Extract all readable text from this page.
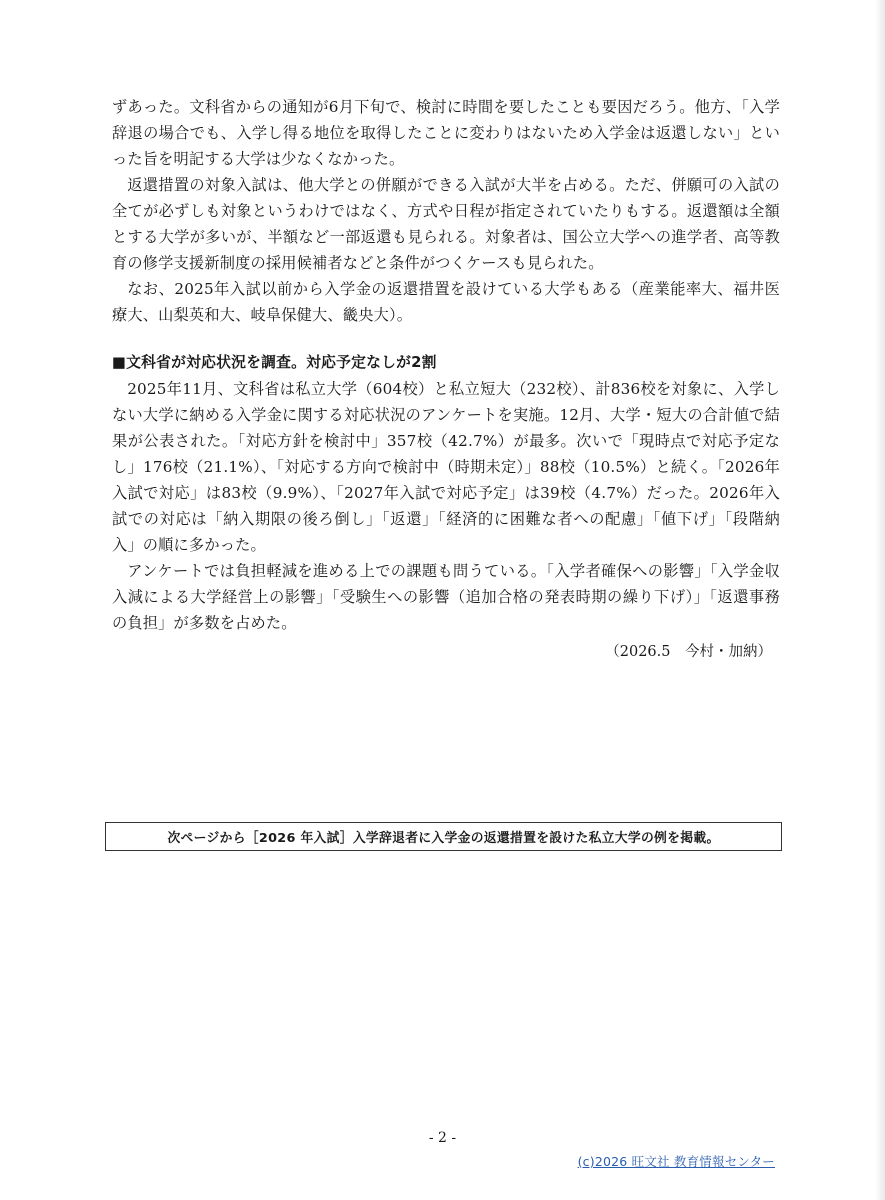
ずあった。文科省からの通知が6月下旬で、検討に時間を要したことも要因だろう。他方、「入学辞退の場合でも、入学し得る地位を取得したことに変わりはないため入学金は返還しない」といった旨を明記する大学は少なくなかった。

返還措置の対象入試は、他大学との併願ができる入試が大半を占める。ただ、併願可の入試の全てが必ずしも対象というわけではなく、方式や日程が指定されていたりもする。返還額は全額とする大学が多いが、半額など一部返還も見られる。対象者は、国公立大学への進学者、高等教育の修学支援新制度の採用候補者などと条件がつくケースも見られた。

なお、2025年入試以前から入学金の返還措置を設けている大学もある（産業能率大、福井医療大、山梨英和大、岐阜保健大、畿央大）。

■文科省が対応状況を調査。対応予定なしが2割

2025年11月、文科省は私立大学（604校）と私立短大（232校）、計836校を対象に、入学しない大学に納める入学金に関する対応状況のアンケートを実施。12月、大学・短大の合計値で結果が公表された。「対応方針を検討中」357校（42.7%）が最多。次いで「現時点で対応予定なし」176校（21.1%）、「対応する方向で検討中（時期未定）」88校（10.5%）と続く。「2026年入試で対応」は83校（9.9%）、「2027年入試で対応予定」は39校（4.7%）だった。2026年入試での対応は「納入期限の後ろ倒し」「返還」「経済的に困難な者への配慮」「値下げ」「段階納入」の順に多かった。

アンケートでは負担軽減を進める上での課題も問うている。「入学者確保への影響」「入学金収入減による大学経営上の影響」「受験生への影響（追加合格の発表時期の繰り下げ）」「返還事務の負担」が多数を占めた。

（2026.5　今村・加納）

次ページから［2026 年入試］入学辞退者に入学金の返還措置を設けた私立大学の例を掲載。
- 2 -
(c)2026 旺文社 教育情報センター
